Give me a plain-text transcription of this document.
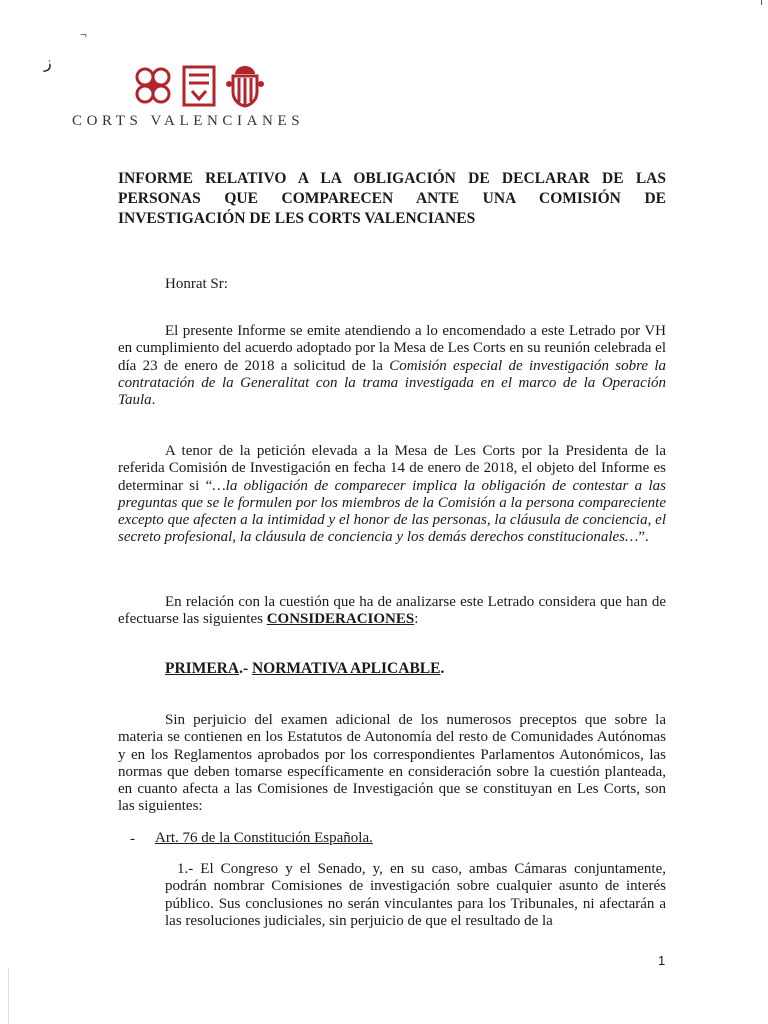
¬
ز
CORTS VALENCIANES
INFORME RELATIVO A LA OBLIGACIÓN DE DECLARAR DE LAS PERSONAS QUE COMPARECEN ANTE UNA COMISIÓN DE INVESTIGACIÓN DE LES CORTS VALENCIANES
Honrat Sr:

El presente Informe se emite atendiendo a lo encomendado a este Letrado por VH en cumplimiento del acuerdo adoptado por la Mesa de Les Corts en su reunión celebrada el día 23 de enero de 2018 a solicitud de la Comisión especial de investigación sobre la contratación de la Generalitat con la trama investigada en el marco de la Operación Taula.

A tenor de la petición elevada a la Mesa de Les Corts por la Presidenta de la referida Comisión de Investigación en fecha 14 de enero de 2018, el objeto del Informe es determinar si “…la obligación de comparecer implica la obligación de contestar a las preguntas que se le formulen por los miembros de la Comisión a la persona compareciente excepto que afecten a la intimidad y el honor de las personas, la cláusula de conciencia, el secreto profesional, la cláusula de conciencia y los demás derechos constitucionales…”.

En relación con la cuestión que ha de analizarse este Letrado considera que han de efectuarse las siguientes CONSIDERACIONES:

PRIMERA.- NORMATIVA APLICABLE.

Sin perjuicio del examen adicional de los numerosos preceptos que sobre la materia se contienen en los Estatutos de Autonomía del resto de Comunidades Autónomas y en los Reglamentos aprobados por los correspondientes Parlamentos Autonómicos, las normas que deben tomarse específicamente en consideración sobre la cuestión planteada, en cuanto afecta a las Comisiones de Investigación que se constituyan en Les Corts, son las siguientes:

- Art. 76 de la Constitución Española.

1.- El Congreso y el Senado, y, en su caso, ambas Cámaras conjuntamente, podrán nombrar Comisiones de investigación sobre cualquier asunto de interés público. Sus conclusiones no serán vinculantes para los Tribunales, ni afectarán a las resoluciones judiciales, sin perjuicio de que el resultado de la

1
